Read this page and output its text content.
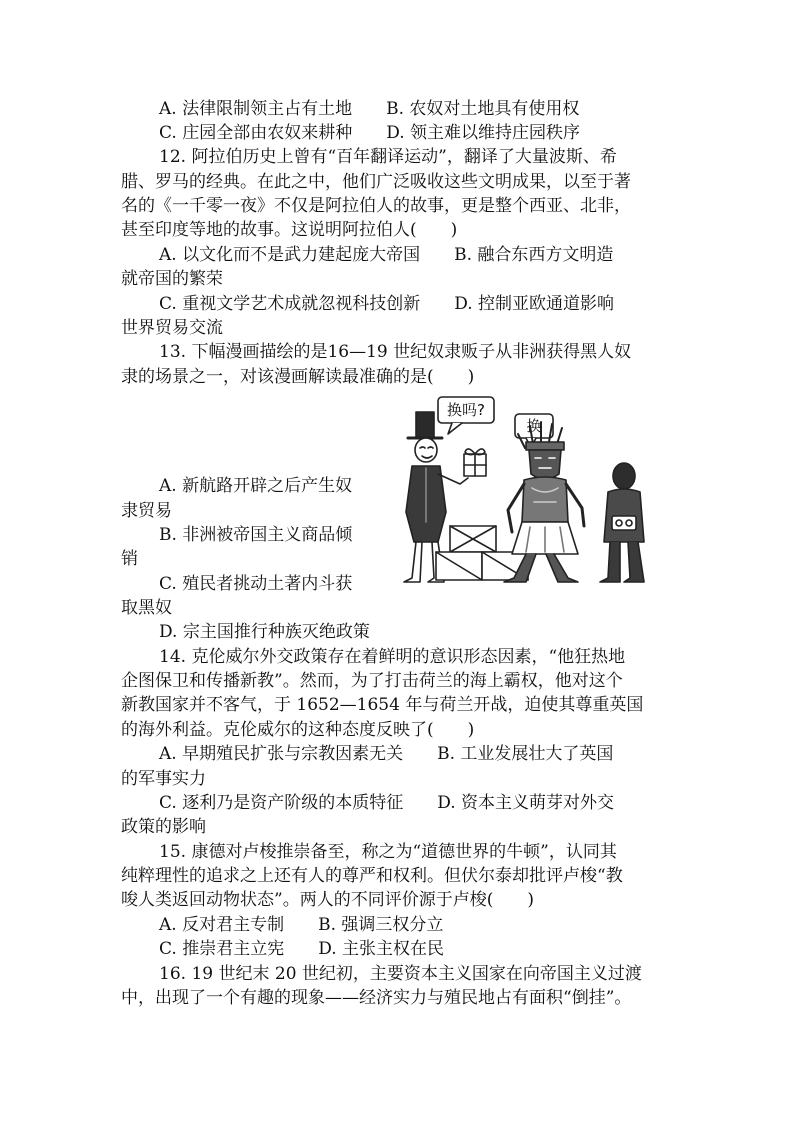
A. 法律限制领主占有土地　　B. 农奴对土地具有使用权
C. 庄园全部由农奴来耕种　　D. 领主难以维持庄园秩序
12. 阿拉伯历史上曾有“百年翻译运动”，翻译了大量波斯、希
腊、罗马的经典。在此之中，他们广泛吸收这些文明成果，以至于著
名的《一千零一夜》不仅是阿拉伯人的故事，更是整个西亚、北非，
甚至印度等地的故事。这说明阿拉伯人(　　)
A. 以文化而不是武力建起庞大帝国　　B. 融合东西方文明造
就帝国的繁荣
C. 重视文学艺术成就忽视科技创新　　D. 控制亚欧通道影响
世界贸易交流
13. 下幅漫画描绘的是16—19 世纪奴隶贩子从非洲获得黑人奴
隶的场景之一，对该漫画解读最准确的是(　　)
A. 新航路开辟之后产生奴
隶贸易
B. 非洲被帝国主义商品倾
销
C. 殖民者挑动土著内斗获
取黑奴
D. 宗主国推行种族灭绝政策
换吗?
换
14. 克伦威尔外交政策存在着鲜明的意识形态因素，“他狂热地
企图保卫和传播新教”。然而，为了打击荷兰的海上霸权，他对这个
新教国家并不客气，于 1652—1654 年与荷兰开战，迫使其尊重英国
的海外利益。克伦威尔的这种态度反映了(　　)
A. 早期殖民扩张与宗教因素无关　　B. 工业发展壮大了英国
的军事实力
C. 逐利乃是资产阶级的本质特征　　D. 资本主义萌芽对外交
政策的影响
15. 康德对卢梭推崇备至，称之为“道德世界的牛顿”，认同其
纯粹理性的追求之上还有人的尊严和权利。但伏尔泰却批评卢梭“教
唆人类返回动物状态”。两人的不同评价源于卢梭(　　)
A. 反对君主专制　　B. 强调三权分立
C. 推崇君主立宪　　D. 主张主权在民
16. 19 世纪末 20 世纪初，主要资本主义国家在向帝国主义过渡
中，出现了一个有趣的现象——经济实力与殖民地占有面积“倒挂”。
